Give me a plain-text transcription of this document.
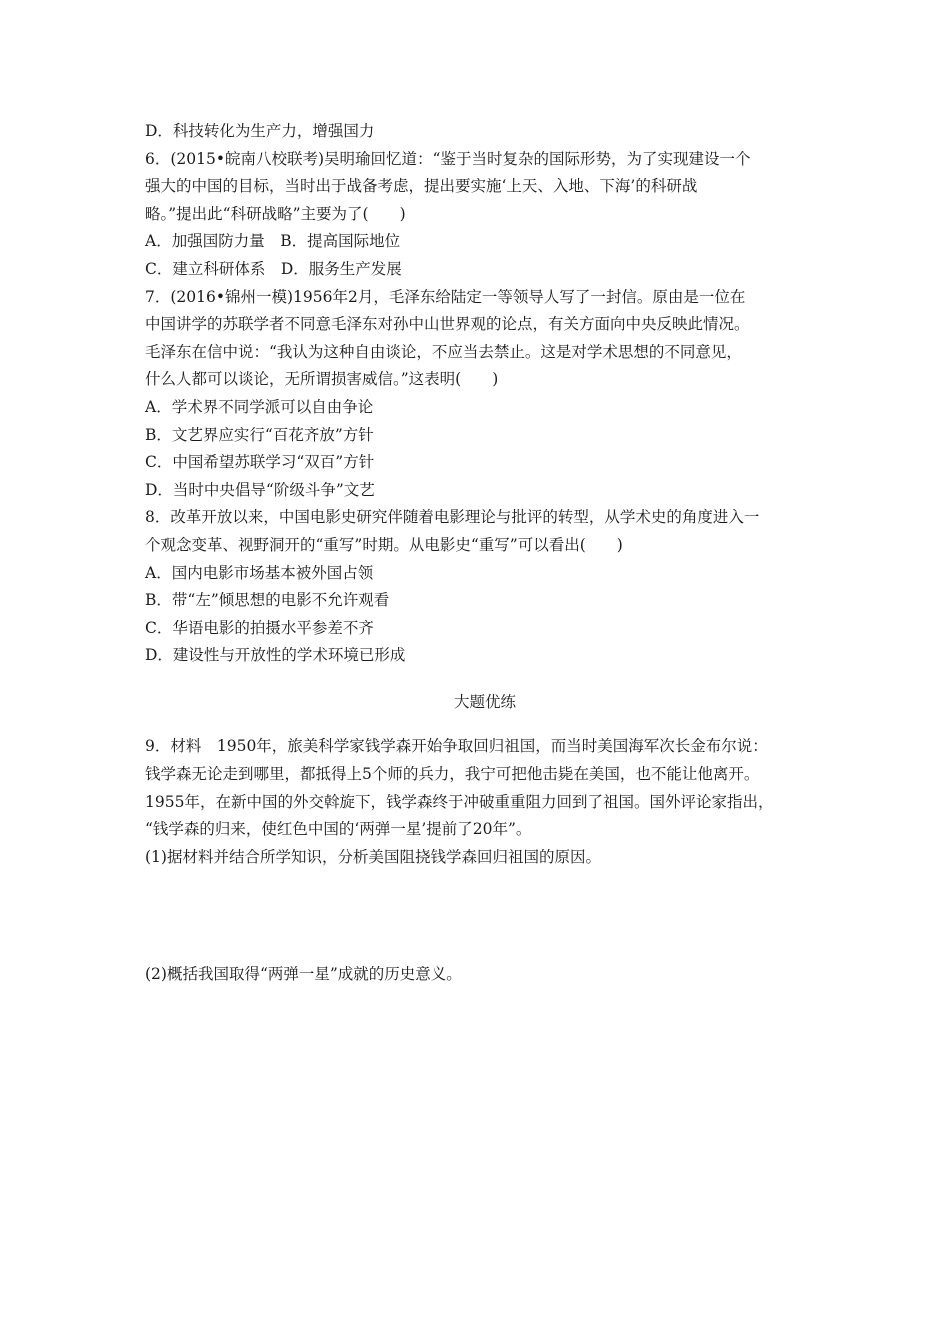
D．科技转化为生产力，增强国力
6．(2015•皖南八校联考)吴明瑜回忆道：“鉴于当时复杂的国际形势，为了实现建设一个
强大的中国的目标，当时出于战备考虑，提出要实施‘上天、入地、下海’的科研战
略。”提出此“科研战略”主要为了(　　)
A．加强国防力量　B．提高国际地位
C．建立科研体系　D．服务生产发展
7．(2016•锦州一模)1956年2月，毛泽东给陆定一等领导人写了一封信。原由是一位在
中国讲学的苏联学者不同意毛泽东对孙中山世界观的论点，有关方面向中央反映此情况。
毛泽东在信中说：“我认为这种自由谈论，不应当去禁止。这是对学术思想的不同意见，
什么人都可以谈论，无所谓损害威信。”这表明(　　)
A．学术界不同学派可以自由争论
B．文艺界应实行“百花齐放”方针
C．中国希望苏联学习“双百”方针
D．当时中央倡导“阶级斗争”文艺
8．改革开放以来，中国电影史研究伴随着电影理论与批评的转型，从学术史的角度进入一
个观念变革、视野洞开的“重写”时期。从电影史“重写”可以看出(　　)
A．国内电影市场基本被外国占领
B．带“左”倾思想的电影不允许观看
C．华语电影的拍摄水平参差不齐
D．建设性与开放性的学术环境已形成
大题优练
9．材料　1950年，旅美科学家钱学森开始争取回归祖国，而当时美国海军次长金布尔说：
钱学森无论走到哪里，都抵得上5个师的兵力，我宁可把他击毙在美国，也不能让他离开。
1955年，在新中国的外交斡旋下，钱学森终于冲破重重阻力回到了祖国。国外评论家指出，
“钱学森的归来，使红色中国的‘两弹一星’提前了20年”。
(1)据材料并结合所学知识，分析美国阻挠钱学森回归祖国的原因。
(2)概括我国取得“两弹一星”成就的历史意义。
